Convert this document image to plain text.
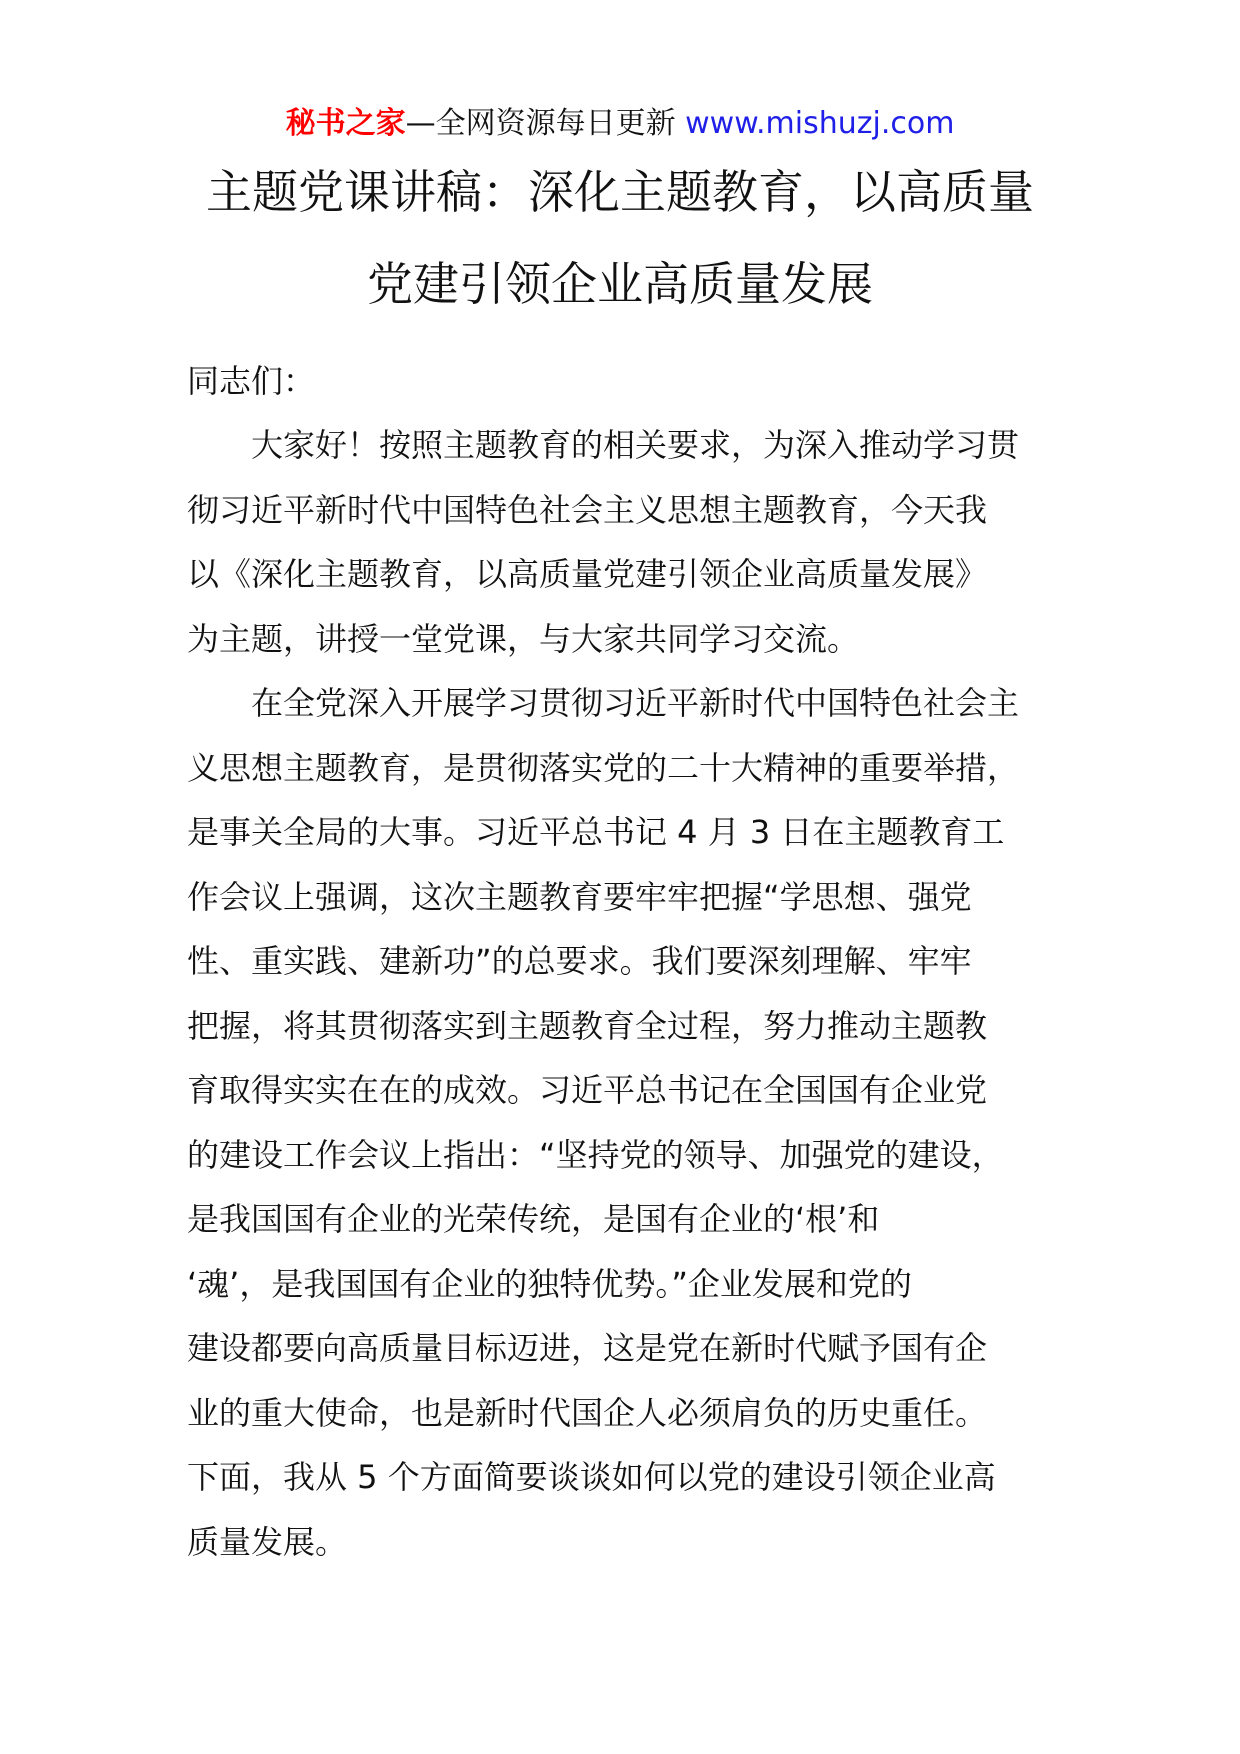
秘书之家—全网资源每日更新 www.mishuzj.com
主题党课讲稿：深化主题教育，以高质量
党建引领企业高质量发展
同志们：
　　大家好！按照主题教育的相关要求，为深入推动学习贯
彻习近平新时代中国特色社会主义思想主题教育，今天我
以《深化主题教育，以高质量党建引领企业高质量发展》
为主题，讲授一堂党课，与大家共同学习交流。
　　在全党深入开展学习贯彻习近平新时代中国特色社会主
义思想主题教育，是贯彻落实党的二十大精神的重要举措，
是事关全局的大事。习近平总书记 4 月 3 日在主题教育工
作会议上强调，这次主题教育要牢牢把握“学思想、强党
性、重实践、建新功”的总要求。我们要深刻理解、牢牢
把握，将其贯彻落实到主题教育全过程，努力推动主题教
育取得实实在在的成效。习近平总书记在全国国有企业党
的建设工作会议上指出：“坚持党的领导、加强党的建设，
是我国国有企业的光荣传统，是国有企业的‘根’和
‘魂’，是我国国有企业的独特优势。”企业发展和党的
建设都要向高质量目标迈进，这是党在新时代赋予国有企
业的重大使命，也是新时代国企人必须肩负的历史重任。
下面，我从 5 个方面简要谈谈如何以党的建设引领企业高
质量发展。
